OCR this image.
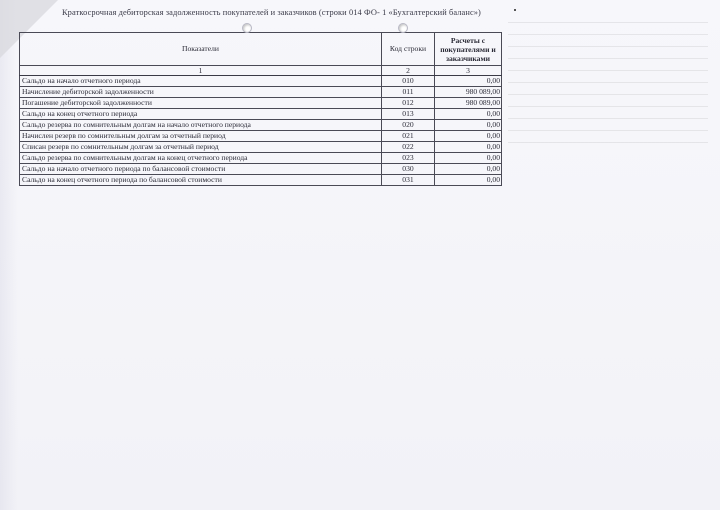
Краткосрочная дебиторская задолженность покупателей и заказчиков (строки 014 ФО- 1 «Бухгалтерский баланс»)
Показатели	Код строки	Расчеты с покупателями и заказчиками
1	2	3
Сальдо на начало отчетного периода	010	0,00
Начисление дебиторской задолженности	011	980 089,00
Погашение дебиторской задолженности	012	980 089,00
Сальдо на конец отчетного периода	013	0,00
Сальдо резерва по сомнительным долгам на начало отчетного периода	020	0,00
Начислен резерв по сомнительным долгам за отчетный период	021	0,00
Списан резерв по сомнительным долгам за отчетный период	022	0,00
Сальдо резерва по сомнительным долгам на конец отчетного периода	023	0,00
Сальдо на начало отчетного периода по балансовой стоимости	030	0,00
Сальдо на конец отчетного периода по балансовой стоимости	031	0,00
